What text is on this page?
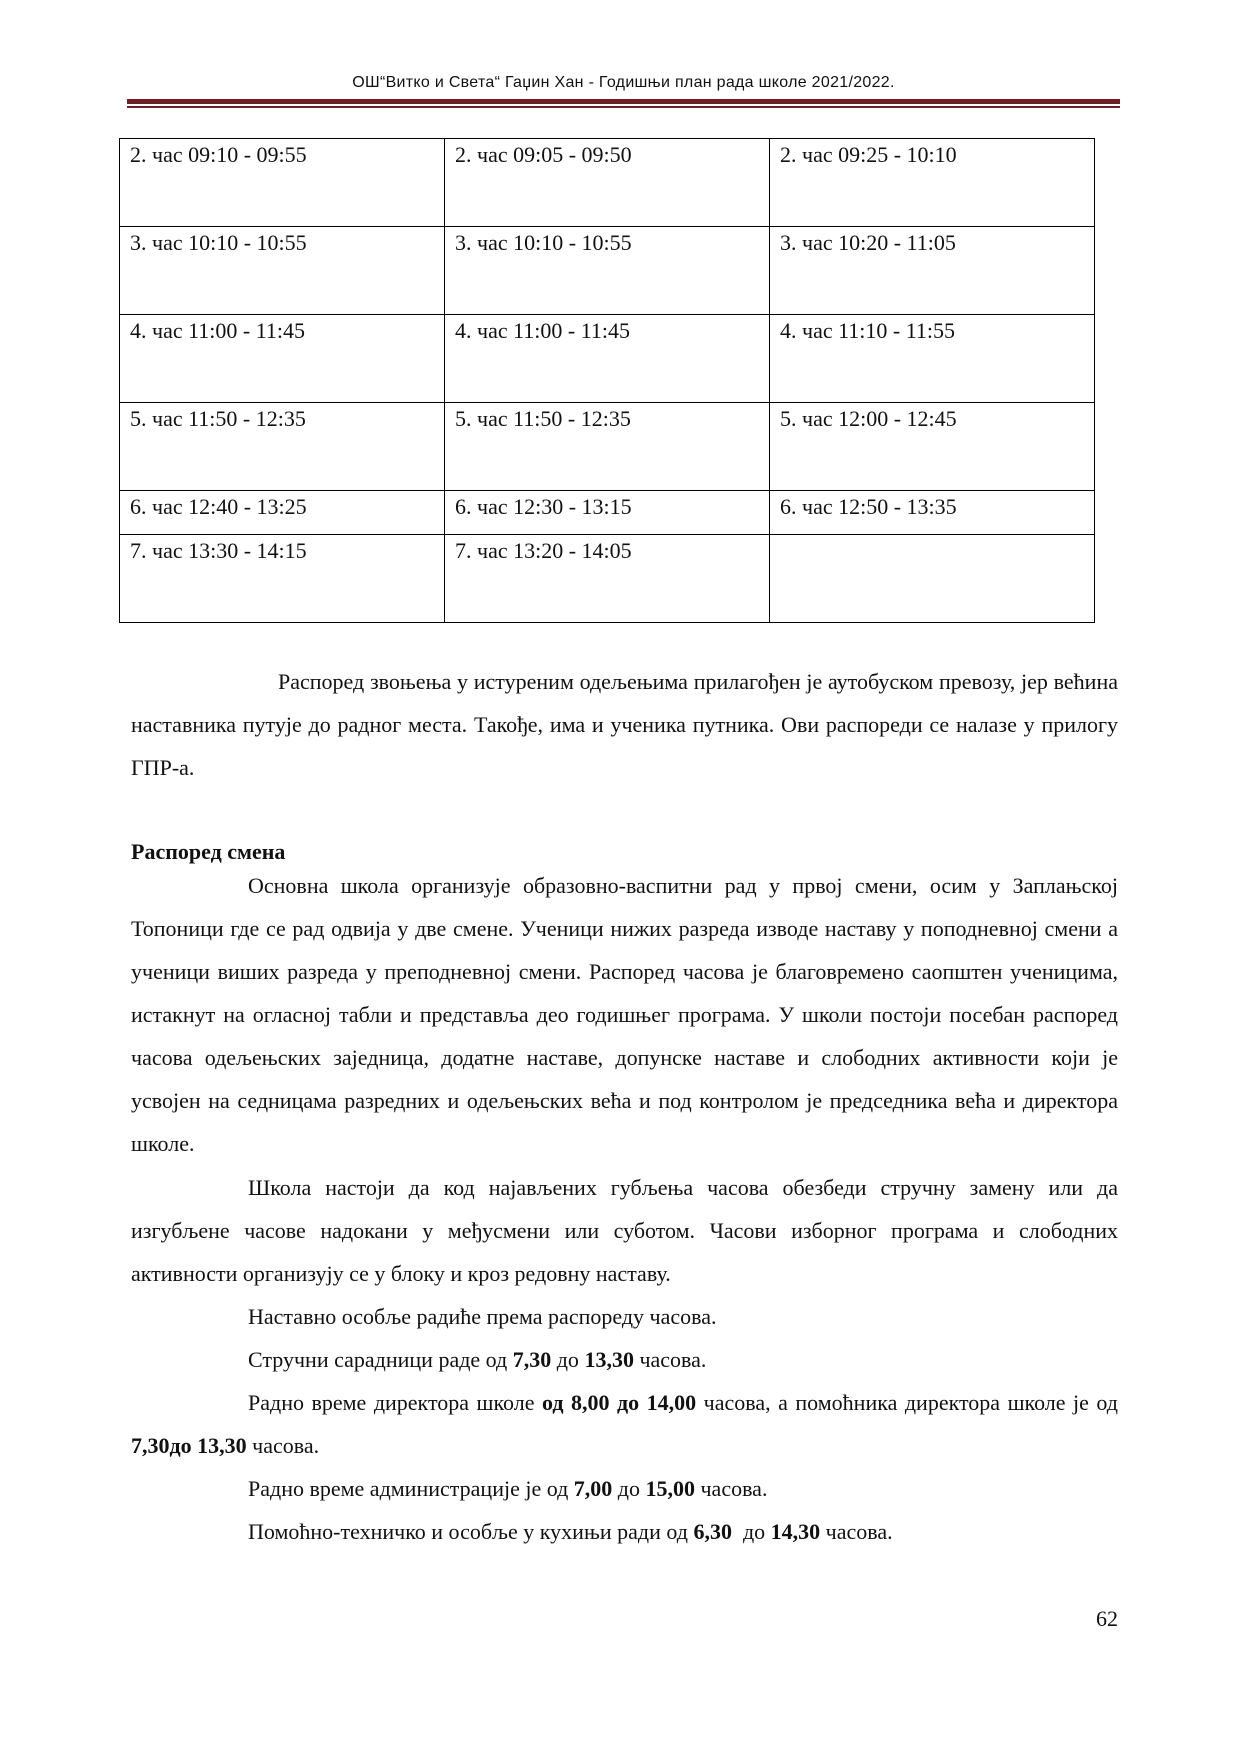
ОШ“Витко и Света“ Гаџин Хан - Годишњи план рада школе 2021/2022.
2. час 09:10 - 09:55	2. час 09:05 - 09:50	2. час 09:25 - 10:10
3. час 10:10 - 10:55	3. час 10:10 - 10:55	3. час 10:20 - 11:05
4. час 11:00 - 11:45	4. час 11:00 - 11:45	4. час 11:10 - 11:55
5. час 11:50 - 12:35	5. час 11:50 - 12:35	5. час 12:00 - 12:45
6. час 12:40 - 13:25	6. час 12:30 - 13:15	6. час 12:50 - 13:35
7. час 13:30 - 14:15	7. час 13:20 - 14:05	

Распоред звоњења у истуреним одељењима прилагођен је аутобуском превозу, јер већина наставника путује до радног места. Такође, има и ученика путника. Ови распореди се налазе у прилогу ГПР-а.

Распоред смена

Основна школа организује образовно-васпитни рад у првој смени, осим у Заплањској Топоници где се рад одвија у две смене. Ученици нижих разреда изводе наставу у поподневној смени а ученици виших разреда у преподневној смени. Распоред часова је благовремено саопштен ученицима, истакнут на огласној табли и представља део годишњег програма. У школи постоји посебан распоред часова одељењских заједница, додатне наставе, допунске наставе и слободних активности који је усвојен на седницама разредних и одељењских већа и под контролом је председника већа и директора школе.

Школа настоји да код најављених губљења часова обезбеди стручну замену или да изгубљене часове надокани у међусмени или суботом. Часови изборног програма и слободних активности организују се у блоку и кроз редовну наставу.

Наставно особље радиће према распореду часова.

Стручни сарадници раде од 7,30 до 13,30 часова.

Радно време директора школе од 8,00 до 14,00 часова, а помоћника директора школе је од 7,30до 13,30 часова.

Радно време администрације је од 7,00 до 15,00 часова.

Помоћно-техничко и особље у кухињи ради од 6,30  до 14,30 часова.

62
